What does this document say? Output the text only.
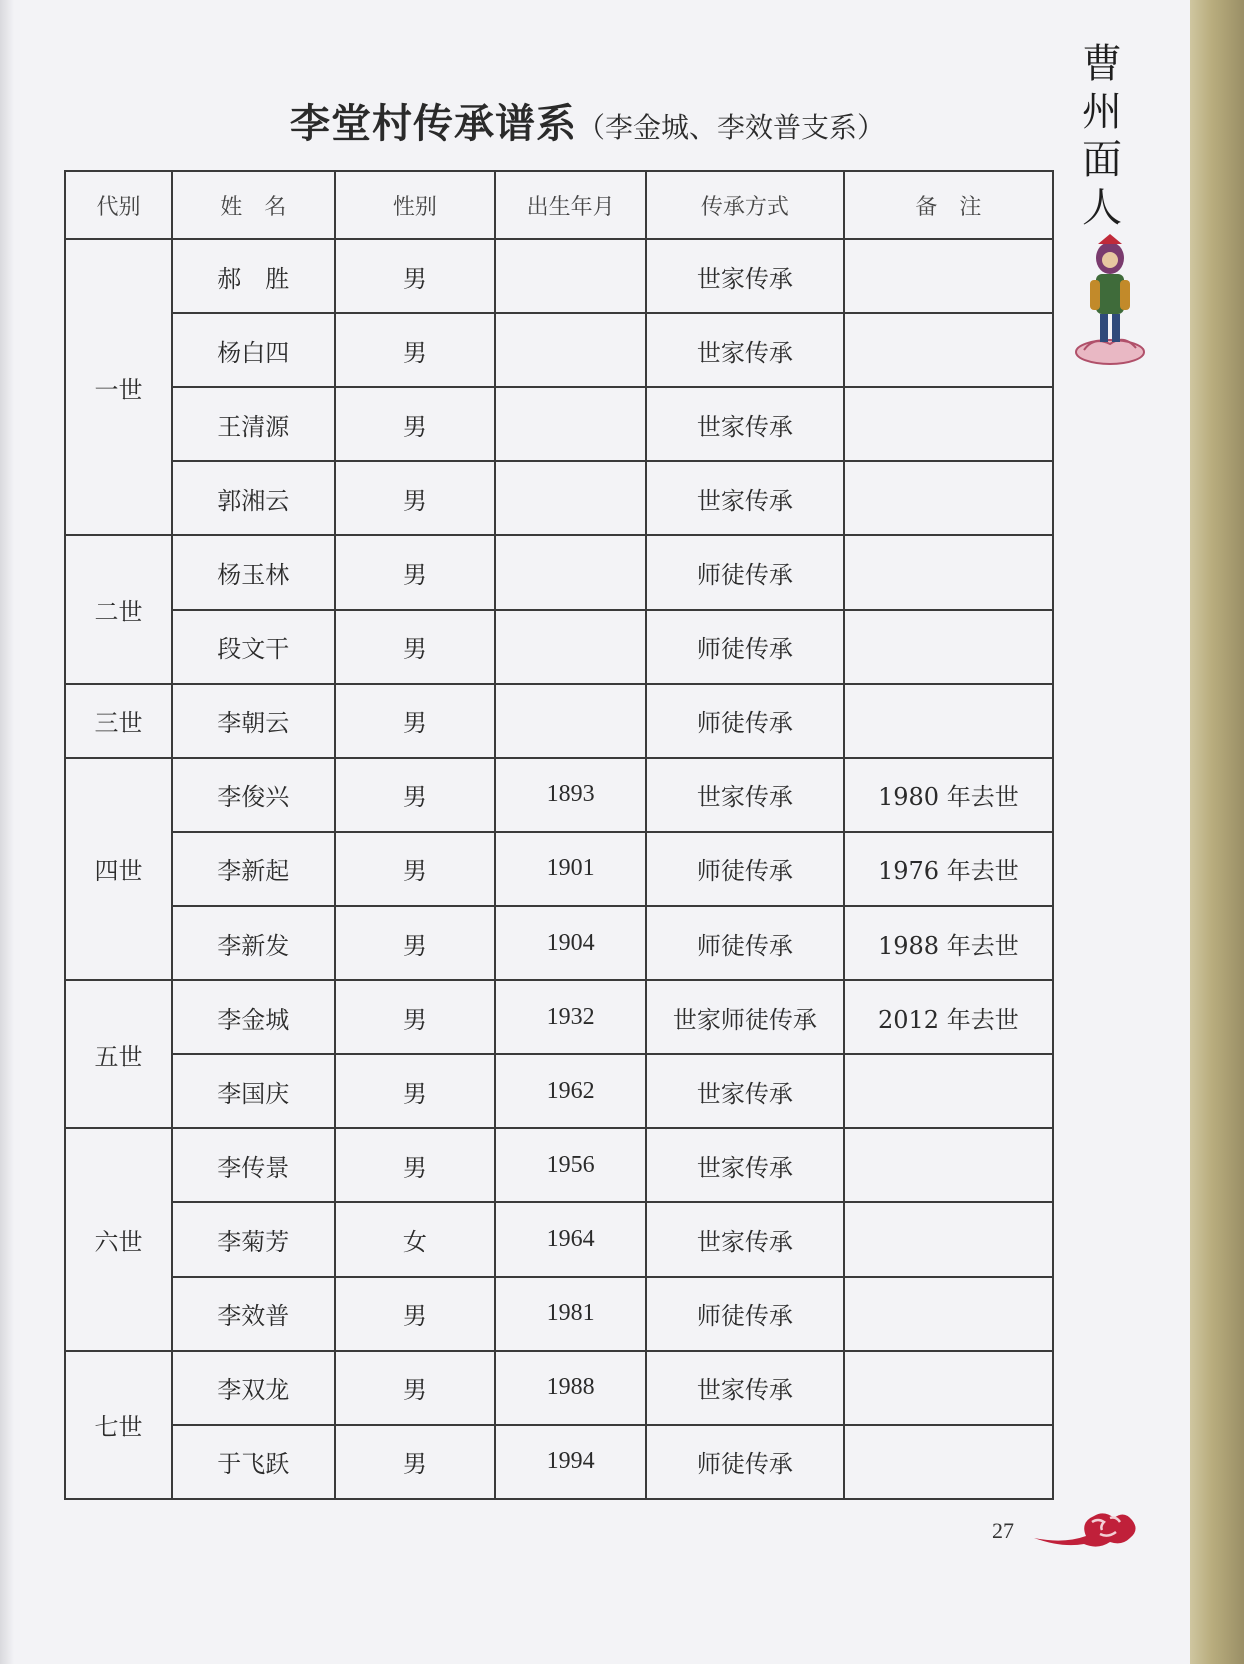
李堂村传承谱系（李金城、李效普支系）
曹州面人
代别	姓　名	性别	出生年月	传承方式	备　注
一世	郝　胜	男		世家传承	
	杨白四	男		世家传承	
	王清源	男		世家传承	
	郭湘云	男		世家传承	
二世	杨玉林	男		师徒传承	
	段文干	男		师徒传承	
三世	李朝云	男		师徒传承	
四世	李俊兴	男	1893	世家传承	1980 年去世
	李新起	男	1901	师徒传承	1976 年去世
	李新发	男	1904	师徒传承	1988 年去世
五世	李金城	男	1932	世家师徒传承	2012 年去世
	李国庆	男	1962	世家传承	
六世	李传景	男	1956	世家传承	
	李菊芳	女	1964	世家传承	
	李效普	男	1981	师徒传承	
七世	李双龙	男	1988	世家传承	
	于飞跃	男	1994	师徒传承	
27
